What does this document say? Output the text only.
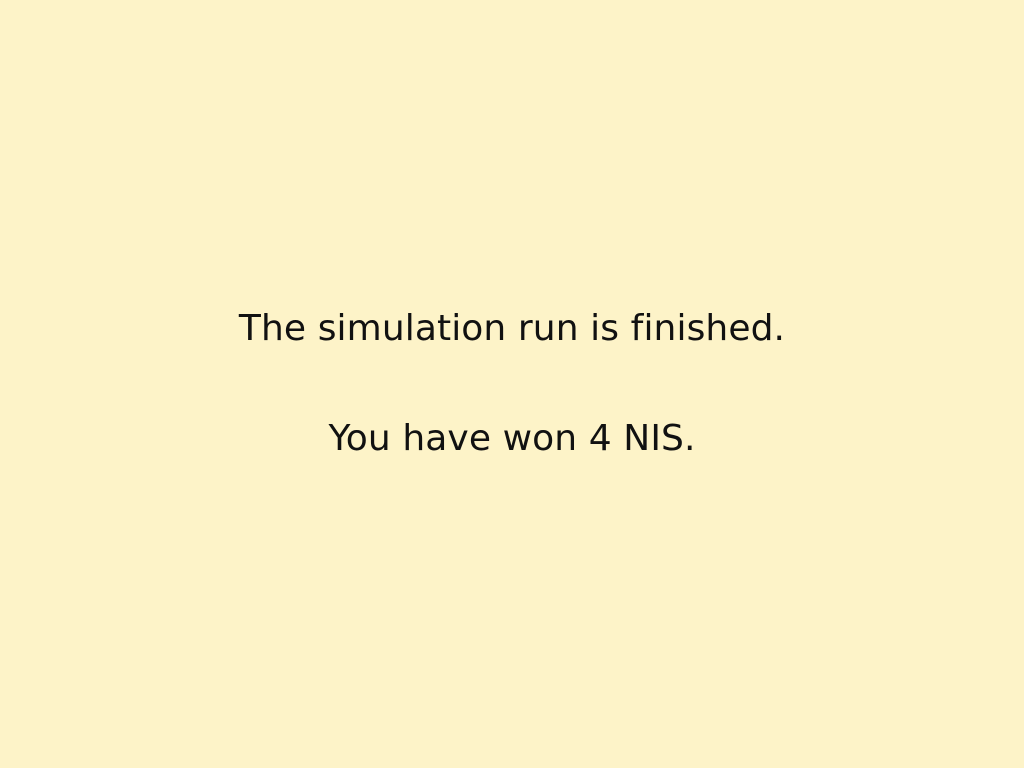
The simulation run is finished.
You have won 4 NIS.
